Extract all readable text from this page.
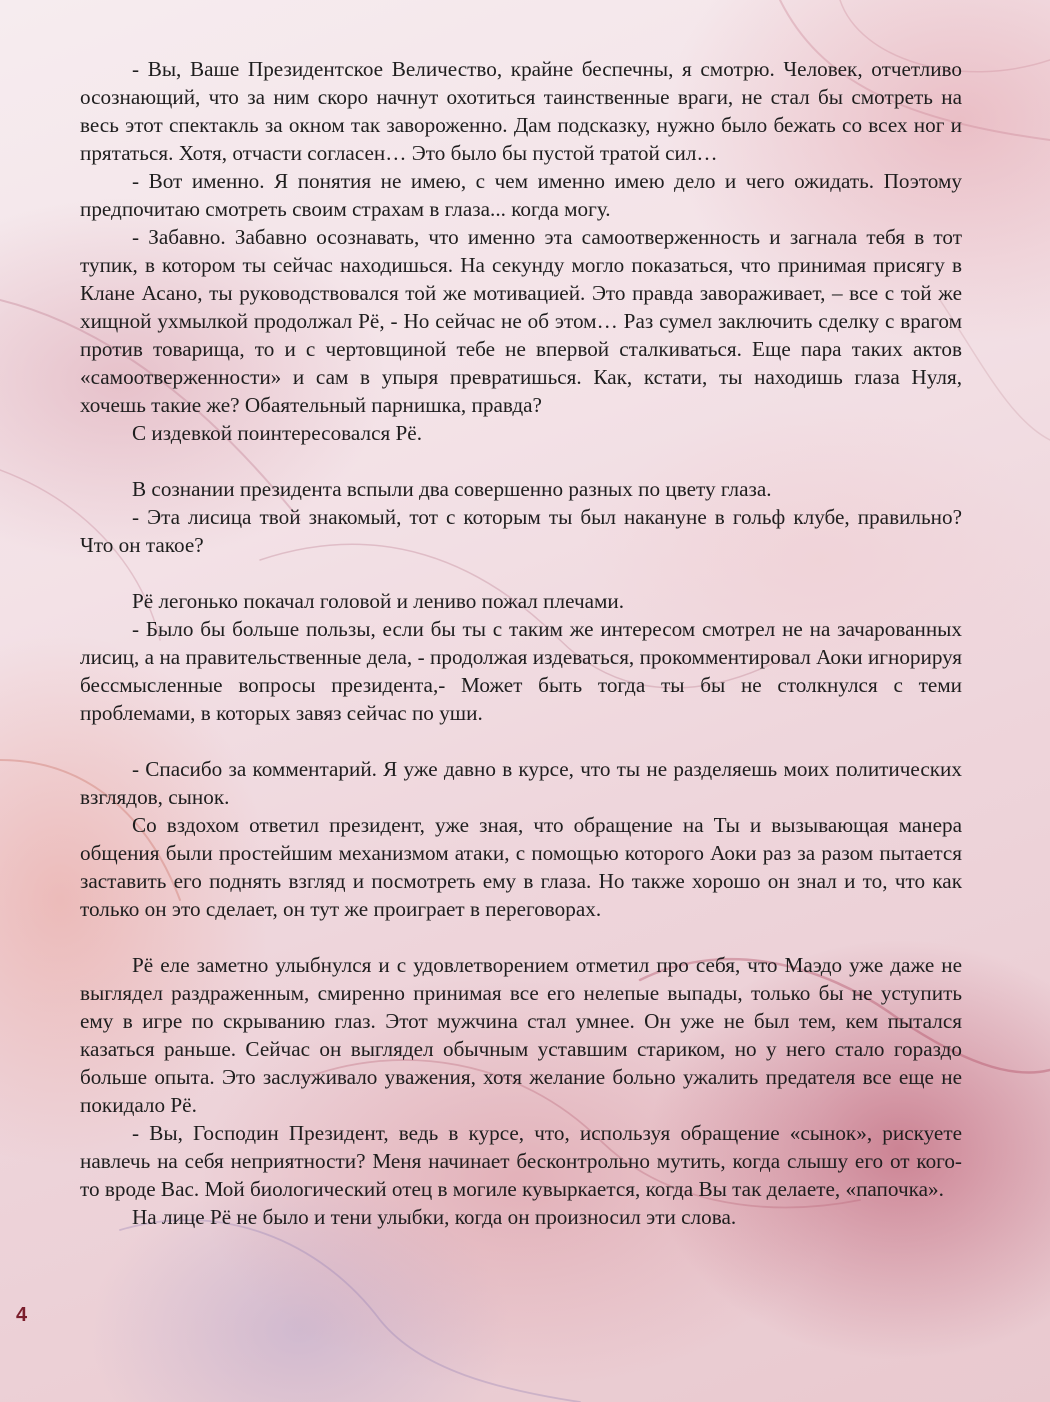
- Вы, Ваше Президентское Величество, крайне беспечны, я смотрю. Человек, отчетливо осознающий, что за ним скоро начнут охотиться таинственные враги, не стал бы смотреть на весь этот спектакль за окном так завороженно. Дам подсказку, нужно было бежать со всех ног и прятаться. Хотя, отчасти согласен… Это было бы пустой тратой сил…

- Вот именно. Я понятия не имею, с чем именно имею дело и чего ожидать. Поэтому предпочитаю смотреть своим страхам в глаза... когда могу.

- Забавно. Забавно осознавать, что именно эта самоотверженность и загнала тебя в тот тупик, в котором ты сейчас находишься. На секунду могло показаться, что принимая присягу в Клане Асано, ты руководствовался той же мотивацией. Это правда завораживает, – все с той же хищной ухмылкой продолжал Рё, - Но сейчас не об этом… Раз сумел заключить сделку с врагом против товарища, то и с чертовщиной тебе не впервой сталкиваться. Еще пара таких актов «самоотверженности» и сам в упыря превратишься. Как, кстати, ты находишь глаза Нуля, хочешь такие же? Обаятельный парнишка, правда?

С издевкой поинтересовался Рё.

В сознании президента вспыли два совершенно разных по цвету глаза.

- Эта лисица твой знакомый, тот с которым ты был накануне в гольф клубе, правильно? Что он такое?

Рё легонько покачал головой и лениво пожал плечами.

- Было бы больше пользы, если бы ты с таким же интересом смотрел не на зачарованных лисиц, а на правительственные дела, - продолжая издеваться, прокомментировал Аоки игнорируя бессмысленные вопросы президента,- Может быть тогда ты бы не столкнулся с теми проблемами, в которых завяз сейчас по уши.

- Спасибо за комментарий. Я уже давно в курсе, что ты не разделяешь моих политических взглядов, сынок.

Со вздохом ответил президент, уже зная, что обращение на Ты и вызывающая манера общения были простейшим механизмом атаки, с помощью которого Аоки раз за разом пытается заставить его поднять взгляд и посмотреть ему в глаза. Но также хорошо он знал и то, что как только он это сделает, он тут же проиграет в переговорах.

Рё еле заметно улыбнулся и с удовлетворением отметил про себя, что Маэдо уже даже не выглядел раздраженным, смиренно принимая все его нелепые выпады, только бы не уступить ему в игре по скрыванию глаз. Этот мужчина стал умнее. Он уже не был тем, кем пытался казаться раньше. Сейчас он выглядел обычным уставшим стариком, но у него стало гораздо больше опыта. Это заслуживало уважения, хотя желание больно ужалить предателя все еще не покидало Рё.

- Вы, Господин Президент, ведь в курсе, что, используя обращение «сынок», рискуете навлечь на себя неприятности? Меня начинает бесконтрольно мутить, когда слышу его от кого-то вроде Вас. Мой биологический отец в могиле кувыркается, когда Вы так делаете, «папочка».

На лице Рё не было и тени улыбки, когда он произносил эти слова.

4
